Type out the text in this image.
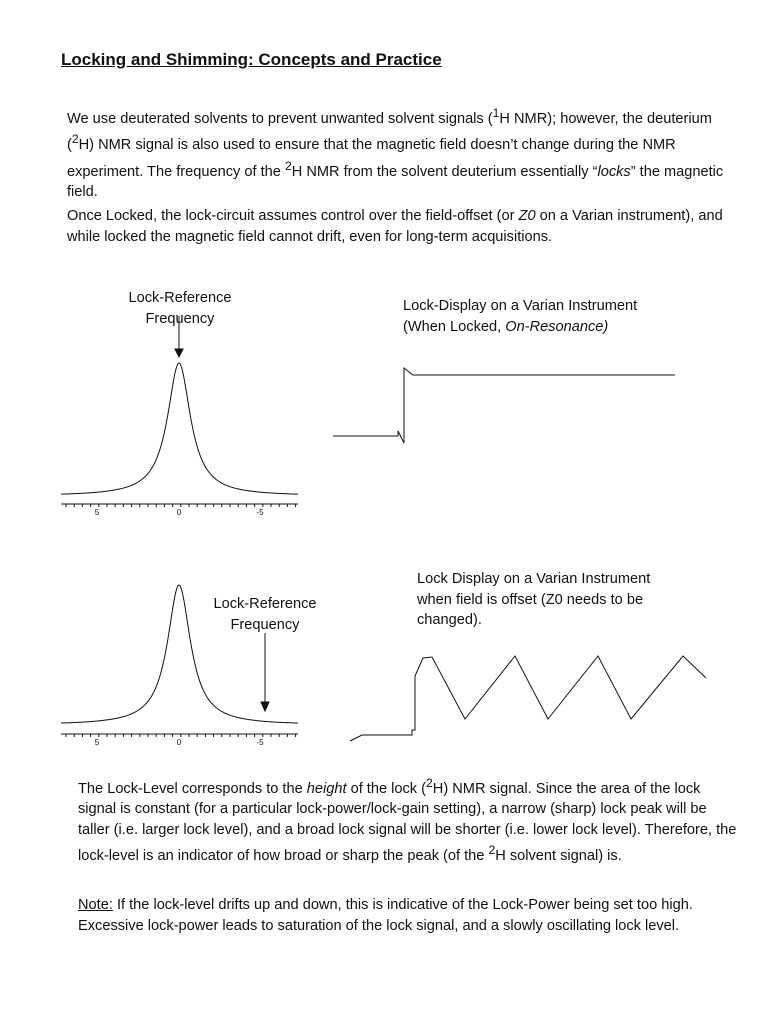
Locking and Shimming: Concepts and Practice

We use deuterated solvents to prevent unwanted solvent signals ($^1$H NMR); however, the deuterium ($^2$H) NMR signal is also used to ensure that the magnetic field doesn’t change during the NMR experiment. The frequency of the $^2$H NMR from the solvent deuterium essentially “locks” the magnetic field.

Once Locked, the lock-circuit assumes control over the field-offset (or Z0 on a Varian instrument), and while locked the magnetic field cannot drift, even for long-term acquisitions.

Lock-Reference
Frequency
Lock-Display on a Varian Instrument
(When Locked, On-Resonance)
Lock-Reference
Frequency
Lock Display on a Varian Instrument
when field is offset (Z0 needs to be
changed).
5	0	-5
5	0	-5

The Lock-Level corresponds to the height of the lock ($^2$H) NMR signal. Since the area of the lock signal is constant (for a particular lock-power/lock-gain setting), a narrow (sharp) lock peak will be taller (i.e. larger lock level), and a broad lock signal will be shorter (i.e. lower lock level). Therefore, the lock-level is an indicator of how broad or sharp the peak (of the $^2$H solvent signal) is.

Note: If the lock-level drifts up and down, this is indicative of the Lock-Power being set too high. Excessive lock-power leads to saturation of the lock signal, and a slowly oscillating lock level.
